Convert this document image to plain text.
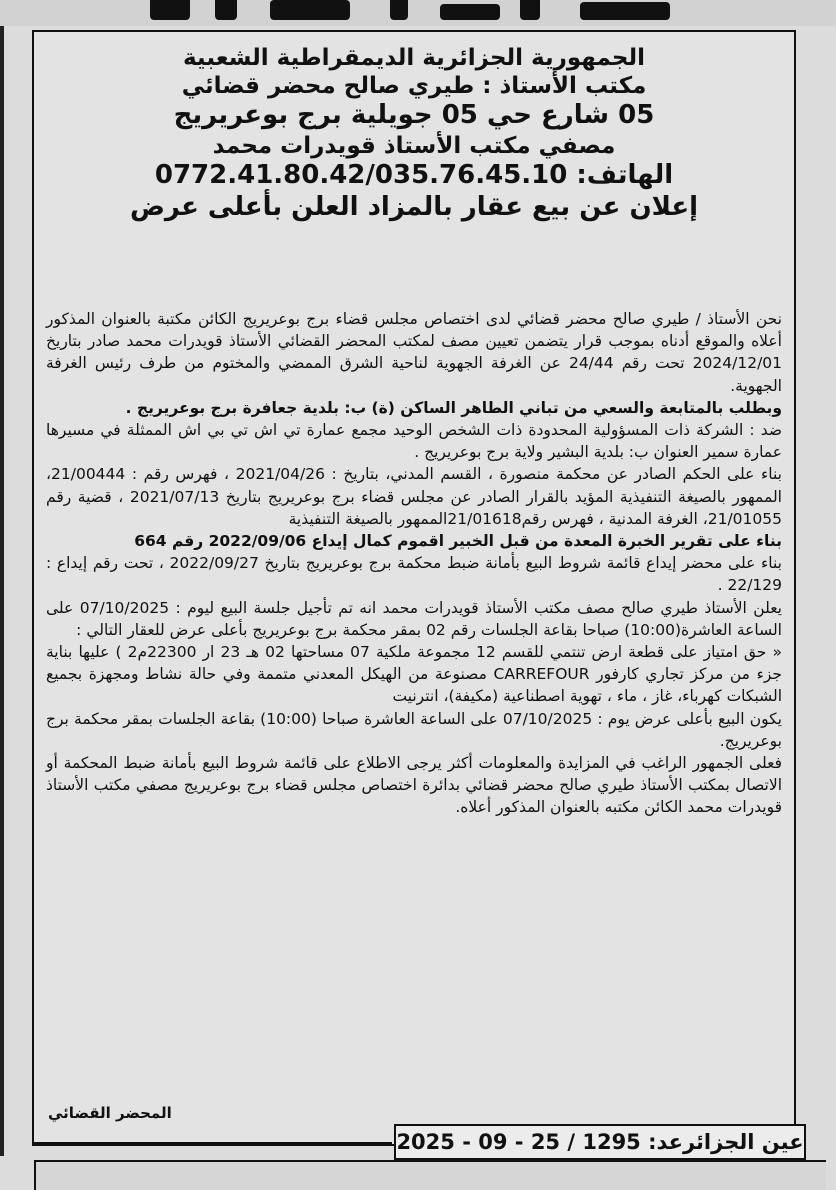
الجمهورية الجزائرية الديمقراطية الشعبية

مكتب الأستاذ : طيري صالح محضر قضائي

05 شارع حي 05 جويلية برج بوعريريج

مصفي مكتب الأستاذ قويدرات محمد

الهاتف: 0772.41.80.42/035.76.45.10

إعلان عن بيع عقار بالمزاد العلن بأعلى عرض

نحن الأستاذ / طيري صالح محضر قضائي لدى اختصاص مجلس قضاء برج بوعريريج الكائن مكتبة بالعنوان المذكور أعلاه والموقع أدناه بموجب قرار يتضمن تعيين مصف لمكتب المحضر القضائي الأستاذ قويدرات محمد صادر بتاريخ 2024/12/01 تحت رقم 24/44 عن الغرفة الجهوية لناحية الشرق الممضي والمختوم من طرف رئيس الغرفة الجهوية.

وبطلب بالمتابعة والسعي من تباني الطاهر الساكن (ة) ب: بلدية جعافرة برج بوعريريج .

ضد : الشركة ذات المسؤولية المحدودة ذات الشخص الوحيد مجمع عمارة تي اش تي بي اش الممثلة في مسيرها عمارة سمير العنوان ب: بلدية البشير ولاية برج بوعريريج .

بناء على الحكم الصادر عن محكمة منصورة ، القسم المدني، بتاريخ : 2021/04/26 ، فهرس رقم : 21/00444، الممهور بالصيغة التنفيذية المؤيد بالقرار الصادر عن مجلس قضاء برج بوعريريج بتاريخ 2021/07/13 ، قضية رقم 21/01055، الغرفة المدنية ، فهرس رقم21/01618الممهور بالصيغة التنفيذية

بناء على تقرير الخبرة المعدة من قبل الخبير اقموم كمال إيداع 2022/09/06 رقم 664

بناء على محضر إيداع قائمة شروط البيع بأمانة ضبط محكمة برج بوعريريج بتاريخ 2022/09/27 ، تحت رقم إيداع : 22/129 .

يعلن الأستاذ طيري صالح مصف مكتب الأستاذ قويدرات محمد انه تم تأجيل جلسة البيع ليوم : 07/10/2025 على الساعة العاشرة(10:00) صباحا بقاعة الجلسات رقم 02 بمقر محكمة برج بوعريريج بأعلى عرض للعقار التالي :

« حق امتياز على قطعة ارض تنتمي للقسم 12 مجموعة ملكية 07 مساحتها 02 هـ 23 ار 22300م2 ) عليها بناية جزء من مركز تجاري كارفور CARREFOUR مصنوعة من الهيكل المعدني متممة وفي حالة نشاط ومجهزة بجميع الشبكات كهرباء، غاز ، ماء ، تهوية اصطناعية (مكيفة)، انترنيت

يكون البيع بأعلى عرض يوم : 07/10/2025 على الساعة العاشرة صباحا (10:00) بقاعة الجلسات بمقر محكمة برج بوعريريج.

فعلى الجمهور الراغب في المزايدة والمعلومات أكثر يرجى الاطلاع على قائمة شروط البيع بأمانة ضبط المحكمة أو الاتصال بمكتب الأستاذ طيري صالح محضر قضائي بدائرة اختصاص مجلس قضاء برج بوعريريج مصفي مكتب الأستاذ قويدرات محمد الكائن مكتبه بالعنوان المذكور أعلاه.

المحضر القضائي
عين الجزائرعد: 1295 / 25 - 09 - 2025
